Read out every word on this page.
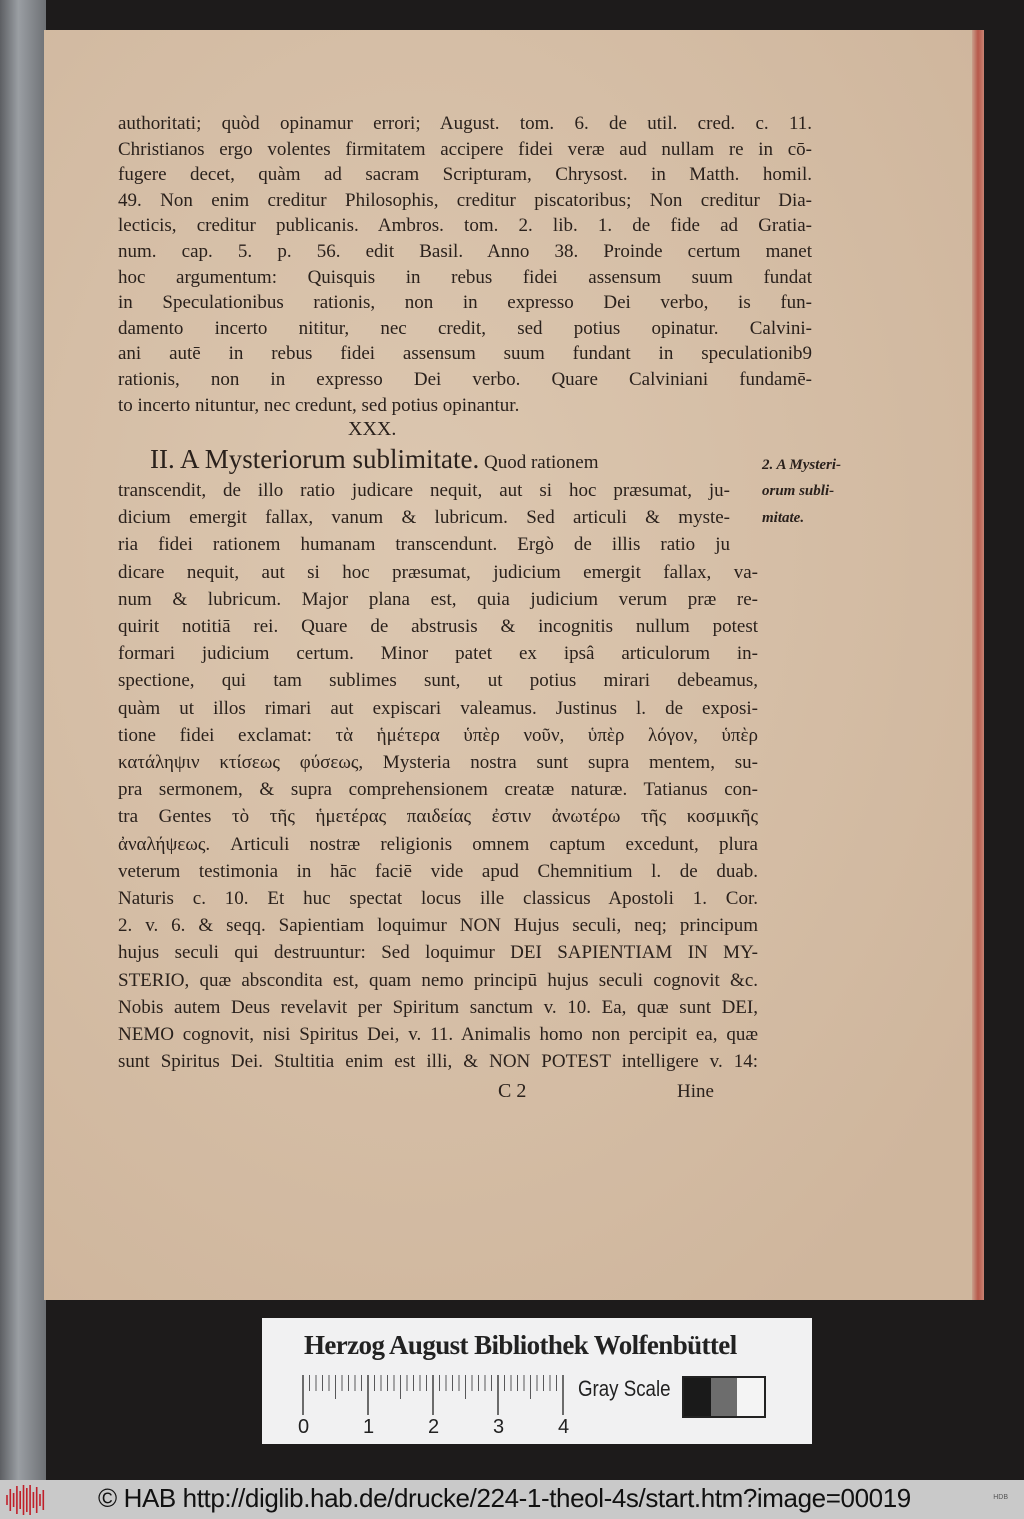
authoritati; quòd opinamur errori; August. tom. 6. de util. cred. c. 11.
Christianos ergo volentes firmitatem accipere fidei veræ aud nullam re in cō-
fugere decet, quàm ad sacram Scripturam, Chrysost. in Matth. homil.
49. Non enim creditur Philosophis, creditur piscatoribus; Non creditur Dia-
lecticis, creditur publicanis. Ambros. tom. 2. lib. 1. de fide ad Gratia-
num. cap. 5. p. 56. edit Basil. Anno 38. Proinde certum manet
hoc argumentum: Quisquis in rebus fidei assensum suum fundat
in Speculationibus rationis, non in expresso Dei verbo, is fun-
damento incerto nititur, nec credit, sed potius opinatur. Calvini-
ani autē in rebus fidei assensum suum fundant in speculationib9
rationis, non in expresso Dei verbo. Quare Calviniani fundamē-
to incerto nituntur, nec credunt, sed potius opinantur.
transcendit, de illo ratio judicare nequit, aut si hoc præsumat, ju-
dicium emergit fallax, vanum & lubricum. Sed articuli & myste-
ria fidei rationem humanam transcendunt. Ergò de illis ratio ju
dicare nequit, aut si hoc præsumat, judicium emergit fallax, va-
num & lubricum. Major plana est, quia judicium verum præ re-
quirit notitiā rei. Quare de abstrusis & incognitis nullum potest
formari judicium certum. Minor patet ex ipsâ articulorum in-
spectione, qui tam sublimes sunt, ut potius mirari debeamus,
quàm ut illos rimari aut expiscari valeamus. Justinus l. de exposi-
tione fidei exclamat: τὰ ἡμέτερα ὑπὲρ νοῦν, ὑπὲρ λόγον, ὑπὲρ
κατάληψιν κτίσεως φύσεως, Mysteria nostra sunt supra mentem, su-
pra sermonem, & supra comprehensionem creatæ naturæ. Tatianus con-
tra Gentes τὸ τῆς ἡμετέρας παιδείας ἐστιν ἀνωτέρω τῆς κοσμικῆς
ἀναλήψεως. Articuli nostræ religionis omnem captum excedunt, plura
veterum testimonia in hāc faciē vide apud Chemnitium l. de duab.
Naturis c. 10. Et huc spectat locus ille classicus Apostoli 1. Cor.
2. v. 6. & seqq. Sapientiam loquimur NON Hujus seculi, neq; principum
hujus seculi qui destruuntur: Sed loquimur DEI SAPIENTIAM IN MY-
STERIO, quæ abscondita est, quam nemo principū hujus seculi cognovit &c.
Nobis autem Deus revelavit per Spiritum sanctum v. 10. Ea, quæ sunt DEI,
NEMO cognovit, nisi Spiritus Dei, v. 11. Animalis homo non percipit ea, quæ
sunt Spiritus Dei. Stultitia enim est illi, & NON POTEST intelligere v. 14:
XXX.
II. A Mysteriorum sublimitate. Quod rationem	2. A Mysteri-
orum subli-
mitate.
C 2	Hine
Herzog August Bibliothek Wolfenbüttel
0	1	2	3	4
Gray Scale
© HAB http://diglib.hab.de/drucke/224-1-theol-4s/start.htm?image=00019	HDB
